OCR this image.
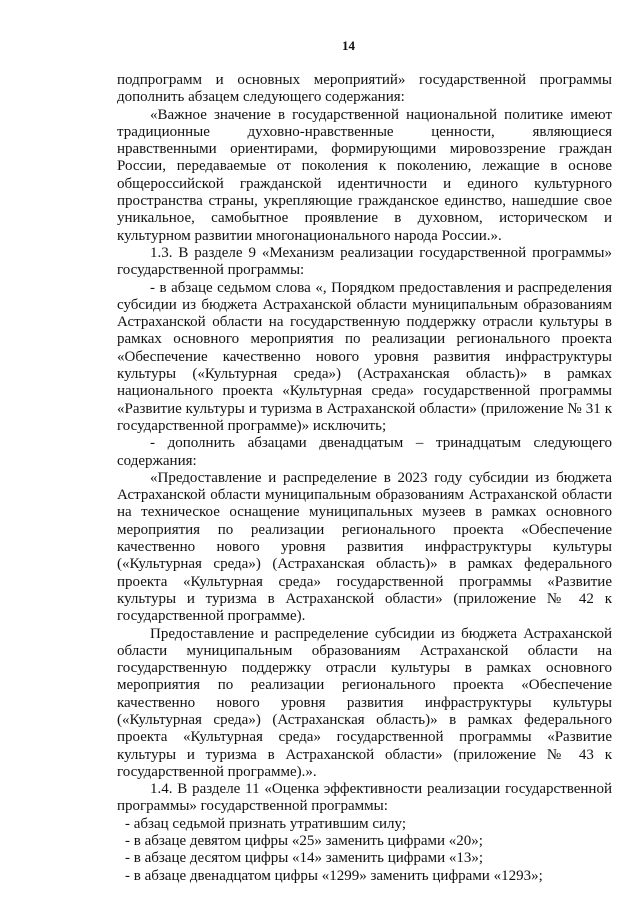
14

подпрограмм и основных мероприятий» государственной программы дополнить абзацем следующего содержания:

«Важное значение в государственной национальной политике имеют традиционные духовно-нравственные ценности, являющиеся нравственными ориентирами, формирующими мировоззрение граждан России, передаваемые от поколения к поколению, лежащие в основе общероссийской гражданской идентичности и единого культурного пространства страны, укрепляющие гражданское единство, нашедшие свое уникальное, самобытное проявление в духовном, историческом и культурном развитии многонационального народа России.».

1.3. В разделе 9 «Механизм реализации государственной программы» государственной программы:

- в абзаце седьмом слова «, Порядком предоставления и распределения субсидии из бюджета Астраханской области муниципальным образованиям Астраханской области на государственную поддержку отрасли культуры в рамках основного мероприятия по реализации регионального проекта «Обеспечение качественно нового уровня развития инфраструктуры культуры («Культурная среда») (Астраханская область)» в рамках национального проекта «Культурная среда» государственной программы «Развитие культуры и туризма в Астраханской области» (приложение № 31 к государственной программе)» исключить;

- дополнить абзацами двенадцатым – тринадцатым следующего содержания:

«Предоставление и распределение в 2023 году субсидии из бюджета Астраханской области муниципальным образованиям Астраханской области на техническое оснащение муниципальных музеев в рамках основного мероприятия по реализации регионального проекта «Обеспечение качественно нового уровня развития инфраструктуры культуры («Культурная среда») (Астраханская область)» в рамках федерального проекта «Культурная среда» государственной программы «Развитие культуры и туризма в Астраханской области» (приложение № 42 к государственной программе).

Предоставление и распределение субсидии из бюджета Астраханской области муниципальным образованиям Астраханской области на государственную поддержку отрасли культуры в рамках основного мероприятия по реализации регионального проекта «Обеспечение качественно нового уровня развития инфраструктуры культуры («Культурная среда») (Астраханская область)» в рамках федерального проекта «Культурная среда» государственной программы «Развитие культуры и туризма в Астраханской области» (приложение № 43 к государственной программе).».

1.4. В разделе 11 «Оценка эффективности реализации государственной программы» государственной программы:

- абзац седьмой признать утратившим силу;

- в абзаце девятом цифры «25» заменить цифрами «20»;

- в абзаце десятом цифры «14» заменить цифрами «13»;

- в абзаце двенадцатом цифры «1299» заменить цифрами «1293»;
